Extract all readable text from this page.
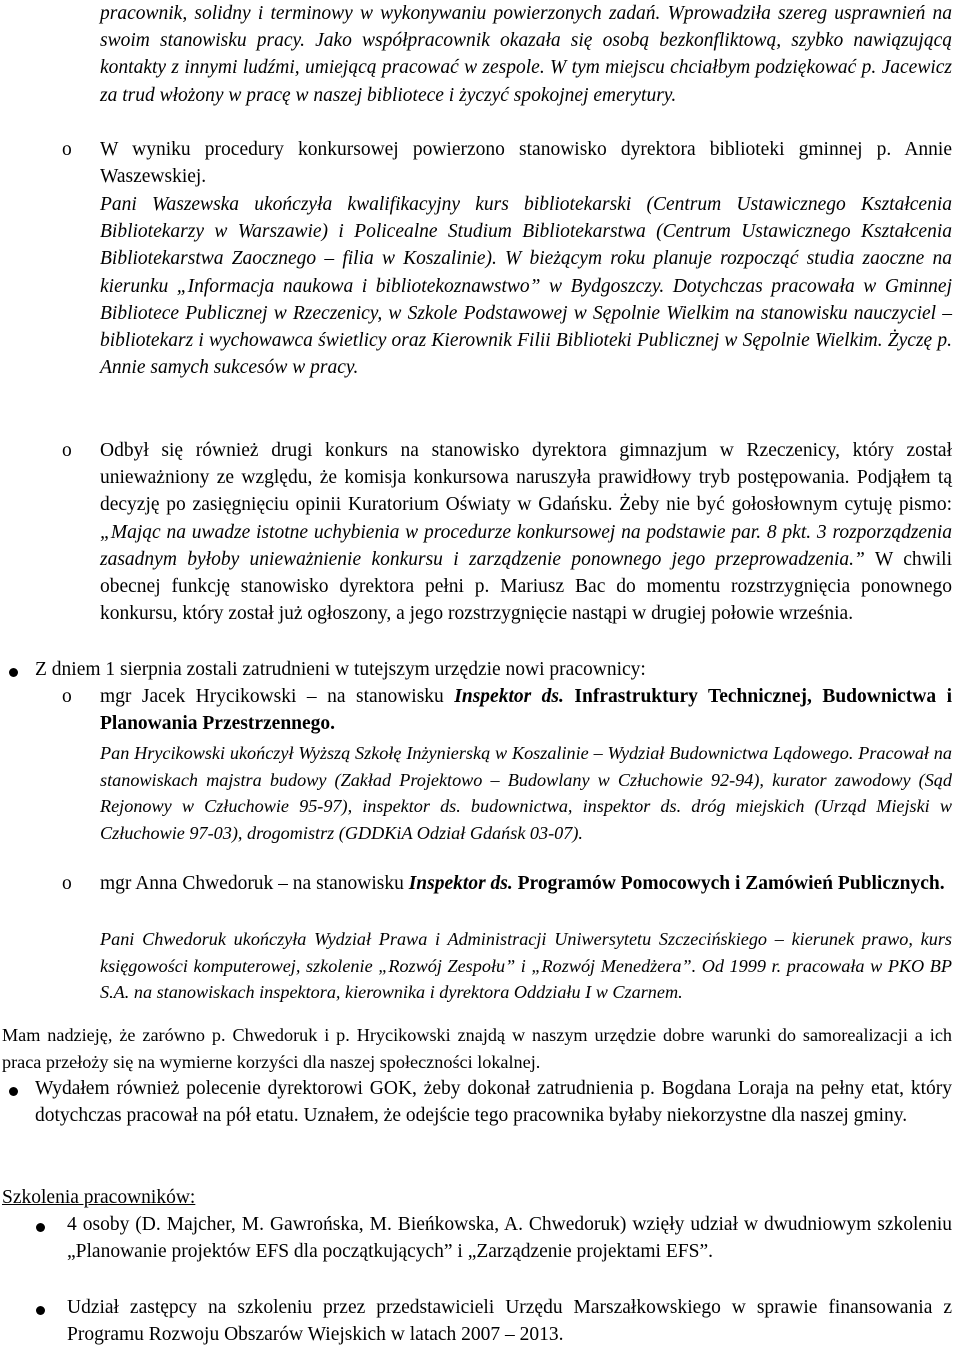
pracownik, solidny i terminowy w wykonywaniu powierzonych zadań. Wprowadziła szereg usprawnień na swoim stanowisku pracy. Jako współpracownik okazała się osobą bezkonfliktową, szybko nawiązującą kontakty z innymi ludźmi, umiejącą pracować w zespole. W tym miejscu chciałbym podziękować p. Jacewicz za trud włożony w pracę w naszej bibliotece i życzyć spokojnej emerytury.

o W wyniku procedury konkursowej powierzono stanowisko dyrektora biblioteki gminnej p. Annie Waszewskiej.

Pani Waszewska ukończyła kwalifikacyjny kurs bibliotekarski (Centrum Ustawicznego Kształcenia Bibliotekarzy w Warszawie) i Policealne Studium Bibliotekarstwa (Centrum Ustawicznego Kształcenia Bibliotekarstwa Zaocznego – filia w Koszalinie). W bieżącym roku planuje rozpocząć studia zaoczne na kierunku „Informacja naukowa i bibliotekoznawstwo” w Bydgoszczy. Dotychczas pracowała w Gminnej Bibliotece Publicznej w Rzeczenicy, w Szkole Podstawowej w Sępolnie Wielkim na stanowisku nauczyciel – bibliotekarz i wychowawca świetlicy oraz Kierownik Filii Biblioteki Publicznej w Sępolnie Wielkim. Życzę p. Annie samych sukcesów w pracy.

o Odbył się również drugi konkurs na stanowisko dyrektora gimnazjum w Rzeczenicy, który został unieważniony ze względu, że komisja konkursowa naruszyła prawidłowy tryb postępowania. Podjąłem tą decyzję po zasięgnięciu opinii Kuratorium Oświaty w Gdańsku. Żeby nie być gołosłownym cytuję pismo: „Mając na uwadze istotne uchybienia w procedurze konkursowej na podstawie par. 8 pkt. 3 rozporządzenia zasadnym byłoby unieważnienie konkursu i zarządzenie ponownego jego przeprowadzenia.” W chwili obecnej funkcję stanowisko dyrektora pełni p. Mariusz Bac do momentu rozstrzygnięcia ponownego konkursu, który został już ogłoszony, a jego rozstrzygnięcie nastąpi w drugiej połowie września.

Z dniem 1 sierpnia zostali zatrudnieni w tutejszym urzędzie nowi pracownicy:

o mgr Jacek Hrycikowski – na stanowisku Inspektor ds. Infrastruktury Technicznej, Budownictwa i Planowania Przestrzennego.

Pan Hrycikowski ukończył Wyższą Szkołę Inżynierską w Koszalinie – Wydział Budownictwa Lądowego. Pracował na stanowiskach majstra budowy (Zakład Projektowo – Budowlany w Człuchowie 92-94), kurator zawodowy (Sąd Rejonowy w Człuchowie 95-97), inspektor ds. budownictwa, inspektor ds. dróg miejskich (Urząd Miejski w Człuchowie 97-03), drogomistrz (GDDKiA Odział Gdańsk 03-07).

o mgr Anna Chwedoruk – na stanowisku Inspektor ds. Programów Pomocowych i Zamówień Publicznych.

Pani Chwedoruk ukończyła Wydział Prawa i Administracji Uniwersytetu Szczecińskiego – kierunek prawo, kurs księgowości komputerowej, szkolenie „Rozwój Zespołu” i „Rozwój Menedżera”. Od 1999 r. pracowała w PKO BP S.A. na stanowiskach inspektora, kierownika i dyrektora Oddziału I w Czarnem.

Mam nadzieję, że zarówno p. Chwedoruk i p. Hrycikowski znajdą w naszym urzędzie dobre warunki do samorealizacji a ich praca przełoży się na wymierne korzyści dla naszej społeczności lokalnej.

Wydałem również polecenie dyrektorowi GOK, żeby dokonał zatrudnienia p. Bogdana Loraja na pełny etat, który dotychczas pracował na pół etatu. Uznałem, że odejście tego pracownika byłaby niekorzystne dla naszej gminy.

Szkolenia pracowników:

4 osoby (D. Majcher, M. Gawrońska, M. Bieńkowska, A. Chwedoruk) wzięły udział w dwudniowym szkoleniu „Planowanie projektów EFS dla początkujących” i „Zarządzenie projektami EFS”.

Udział zastępcy na szkoleniu przez przedstawicieli Urzędu Marszałkowskiego w sprawie finansowania z Programu Rozwoju Obszarów Wiejskich w latach 2007 – 2013.
